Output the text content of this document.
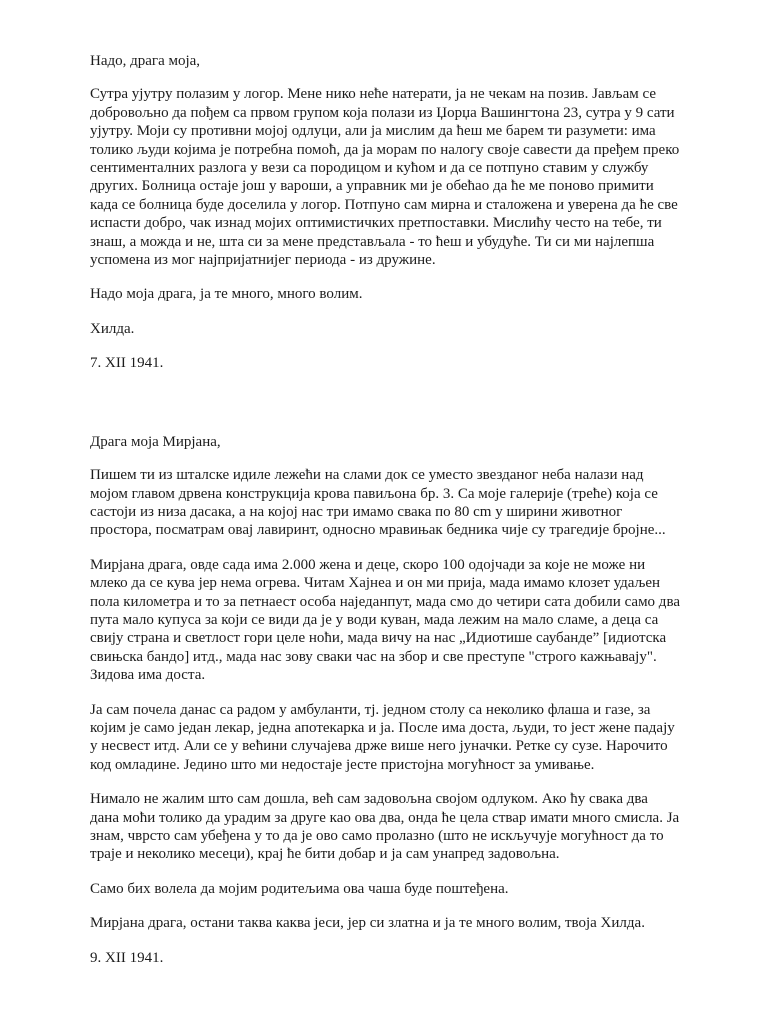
Надо, драга моја,

Сутра ујутру полазим у логор. Мене нико неће натерати, ја не чекам на позив. Јављам се добровољно да пођем са првом групом која полази из Џорџа Вашингтона 23, сутра у 9 сати ујутру. Моји су противни мојој одлуци, али ја мислим да ћеш ме барем ти разумети: има толико људи којима је потребна помоћ, да ја морам по налогу своје савести да пређем преко сентименталних разлога у вези са породицом и кућом и да се потпуно ставим у службу других. Болница остаје још у вароши, а управник ми је обећао да ће ме поново примити када се болница буде доселила у логор. Потпуно сам мирна и сталожена и уверена да ће све испасти добро, чак изнад мојих оптимистичких претпоставки. Мислићу често на тебе, ти знаш, а можда и не, шта си за мене представљала - то ћеш и убудуће. Ти си ми најлепша успомена из мог најпријатнијег периода - из дружине.

Надо моја драга, ја те много, много волим.

Хилда.

7. XII 1941.

Драга моја Мирјана,

Пишем ти из шталске идиле лежећи на слами док се уместо звезданог неба налази над мојом главом дрвена конструкција крова павиљона бр. 3. Са моје галерије (треће) која се састоји из низа дасака, а на којој нас три имамо свака по 80 cm у ширини животног простора, посматрам овај лавиринт, односно мравињак бедника чије су трагедије бројне...

Мирјана драга, овде сада има 2.000 жена и деце, скоро 100 одојчади за које не може ни млеко да се кува јер нема огрева. Читам Хајнеа и он ми прија, мада имамо клозет удаљен пола километра и то за петнаест особа наједанпут, мада смо до четири сата добили само два пута мало купуса за који се види да је у води куван, мада лежим на мало сламе, а деца са свију страна и светлост гори целе ноћи, мада вичу на нас „Идиотише саубанде” [идиотска свињска бандо] итд., мада нас зову сваки час на збор и све преступе "строго кажњавају". Зидова има доста.

Ја сам почела данас са радом у амбуланти, тј. једном столу са неколико флаша и газе, за којим је само један лекар, једна апотекарка и ја. После има доста, људи, то јест жене падају у несвест итд. Али се у већини случајева држе више него јуначки. Ретке су сузе. Нарочито код омладине. Једино што ми недостаје јесте пристојна могућност за умивање.

Нимало не жалим што сам дошла, већ сам задовољна својом одлуком. Ако ћу свака два дана моћи толико да урадим за друге као ова два, онда ће цела ствар имати много смисла. Ја знам, чврсто сам убеђена у то да је ово само пролазно (што не искључује могућност да то траје и неколико месеци), крај ће бити добар и ја сам унапред задовољна.

Само бих волела да мојим родитељима ова чаша буде поштеђена.

Мирјана драга, остани таква каква јеси, јер си златна и ја те много волим, твоја Хилда.

9. XII 1941.
